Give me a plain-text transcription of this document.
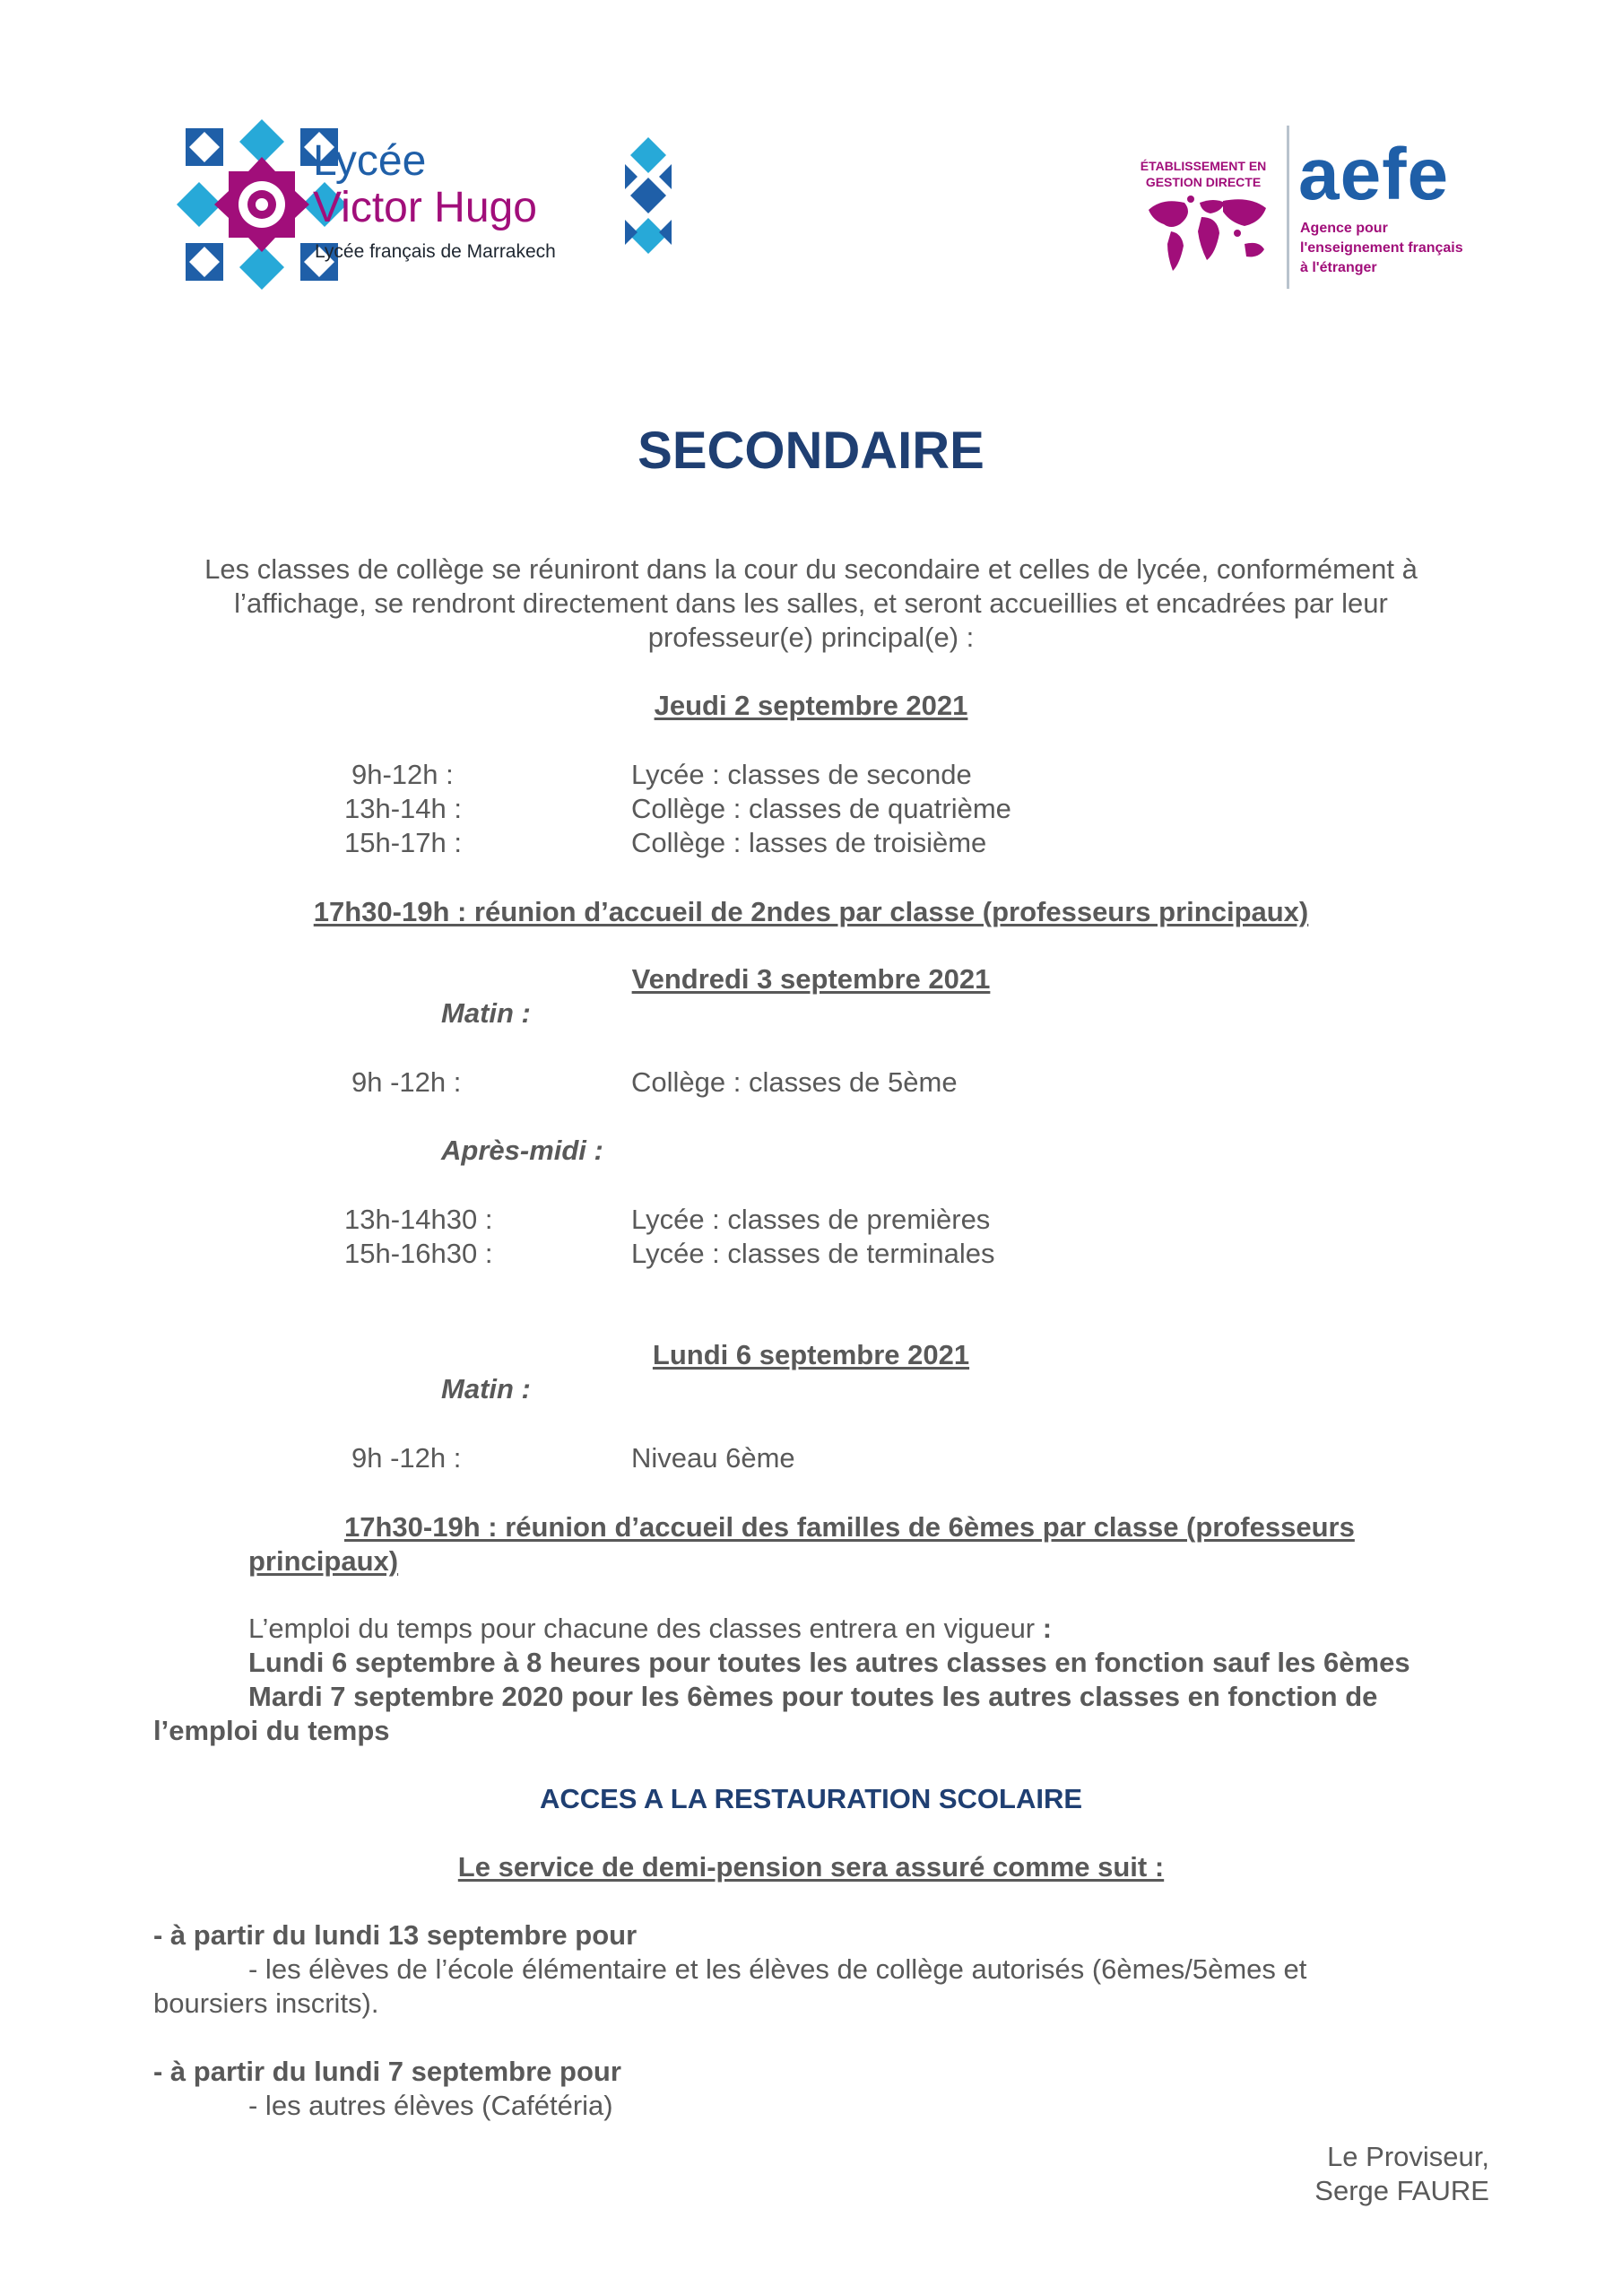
Lycée
Victor Hugo
Lycée français de Marrakech
ÉTABLISSEMENT EN GESTION DIRECTE aefe
Agence pour
l'enseignement français
à l'étranger
SECONDAIRE
Les classes de collège se réuniront dans la cour du secondaire et celles de lycée, conformément à
l’affichage, se rendront directement dans les salles, et seront accueillies et encadrées par leur
professeur(e) principal(e) :
Jeudi 2 septembre 2021
9h-12h :	Lycée : classes de seconde
13h-14h :	Collège : classes de quatrième
15h-17h :	Collège : lasses de troisième
17h30-19h : réunion d’accueil de 2ndes par classe (professeurs principaux)
Vendredi 3 septembre 2021
Matin :
9h -12h :	Collège : classes de 5ème
Après-midi :
13h-14h30 :	Lycée : classes de premières
15h-16h30 :	Lycée : classes de terminales
Lundi 6 septembre 2021
Matin :
9h -12h :	Niveau 6ème
17h30-19h : réunion d’accueil des familles de 6èmes par classe (professeurs
principaux)
L’emploi du temps pour chacune des classes entrera en vigueur :
Lundi 6 septembre à 8 heures pour toutes les autres classes en fonction sauf les 6èmes
Mardi 7 septembre 2020 pour les 6èmes pour toutes les autres classes en fonction de
l’emploi du temps
ACCES A LA RESTAURATION SCOLAIRE
Le service de demi-pension sera assuré comme suit :
- à partir du lundi 13 septembre pour
- les élèves de l’école élémentaire et les élèves de collège autorisés (6èmes/5èmes et
boursiers inscrits).
- à partir du lundi 7 septembre pour
- les autres élèves (Cafétéria)
Le Proviseur,
Serge FAURE
